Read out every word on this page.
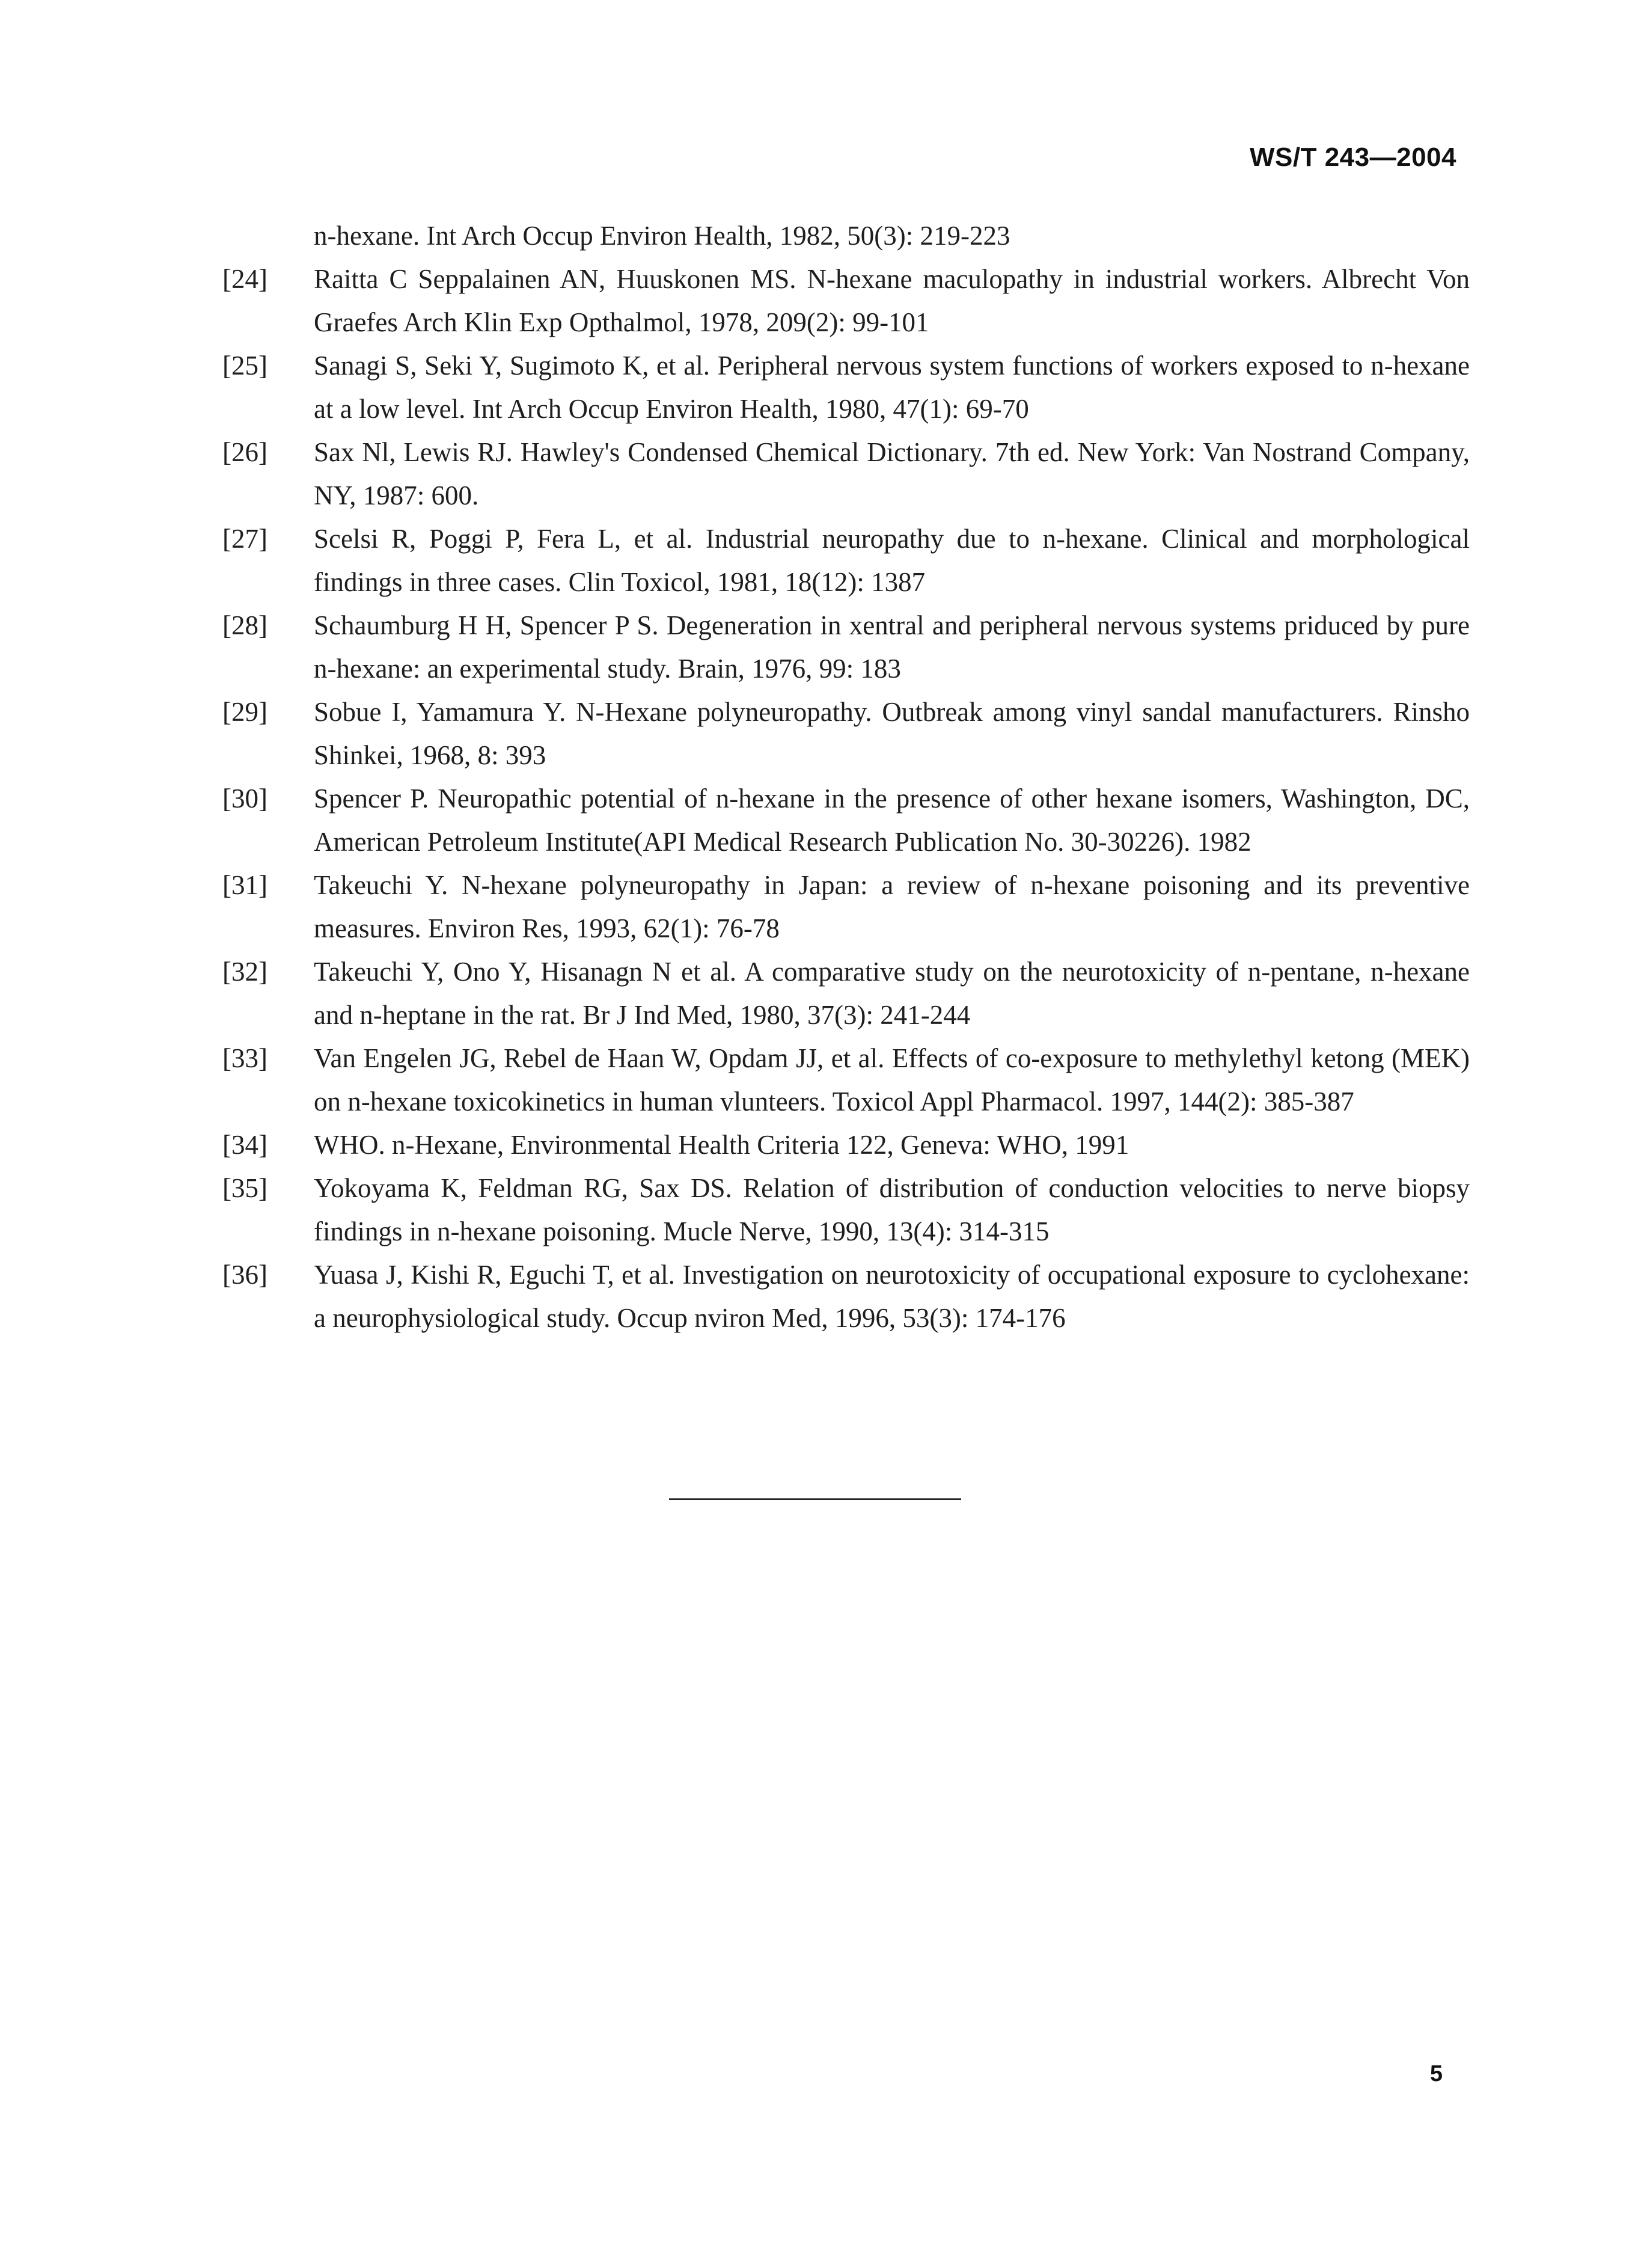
WS/T 243—2004
n-hexane. Int Arch Occup Environ Health, 1982, 50(3): 219-223
[24]	Raitta C Seppalainen AN, Huuskonen MS. N-hexane maculopathy in industrial workers. Albrecht Von Graefes Arch Klin Exp Opthalmol, 1978, 209(2): 99-101
[25]	Sanagi S, Seki Y, Sugimoto K, et al. Peripheral nervous system functions of workers exposed to n-hexane at a low level. Int Arch Occup Environ Health, 1980, 47(1): 69-70
[26]	Sax Nl, Lewis RJ. Hawley's Condensed Chemical Dictionary. 7th ed. New York: Van Nostrand Company, NY, 1987: 600.
[27]	Scelsi R, Poggi P, Fera L, et al. Industrial neuropathy due to n-hexane. Clinical and morphological findings in three cases. Clin Toxicol, 1981, 18(12): 1387
[28]	Schaumburg H H, Spencer P S. Degeneration in xentral and peripheral nervous systems priduced by pure n-hexane: an experimental study. Brain, 1976, 99: 183
[29]	Sobue I, Yamamura Y. N-Hexane polyneuropathy. Outbreak among vinyl sandal manufacturers. Rinsho Shinkei, 1968, 8: 393
[30]	Spencer P. Neuropathic potential of n-hexane in the presence of other hexane isomers, Washington, DC, American Petroleum Institute(API Medical Research Publication No. 30-30226). 1982
[31]	Takeuchi Y. N-hexane polyneuropathy in Japan: a review of n-hexane poisoning and its preventive measures. Environ Res, 1993, 62(1): 76-78
[32]	Takeuchi Y, Ono Y, Hisanagn N et al. A comparative study on the neurotoxicity of n-pentane, n-hexane and n-heptane in the rat. Br J Ind Med, 1980, 37(3): 241-244
[33]	Van Engelen JG, Rebel de Haan W, Opdam JJ, et al. Effects of co-exposure to methylethyl ketong (MEK) on n-hexane toxicokinetics in human vlunteers. Toxicol Appl Pharmacol. 1997, 144(2): 385-387
[34]	WHO. n-Hexane, Environmental Health Criteria 122, Geneva: WHO, 1991
[35]	Yokoyama K, Feldman RG, Sax DS. Relation of distribution of conduction velocities to nerve biopsy findings in n-hexane poisoning. Mucle Nerve, 1990, 13(4): 314-315
[36]	Yuasa J, Kishi R, Eguchi T, et al. Investigation on neurotoxicity of occupational exposure to cyclohexane: a neurophysiological study. Occup nviron Med, 1996, 53(3): 174-176
5
